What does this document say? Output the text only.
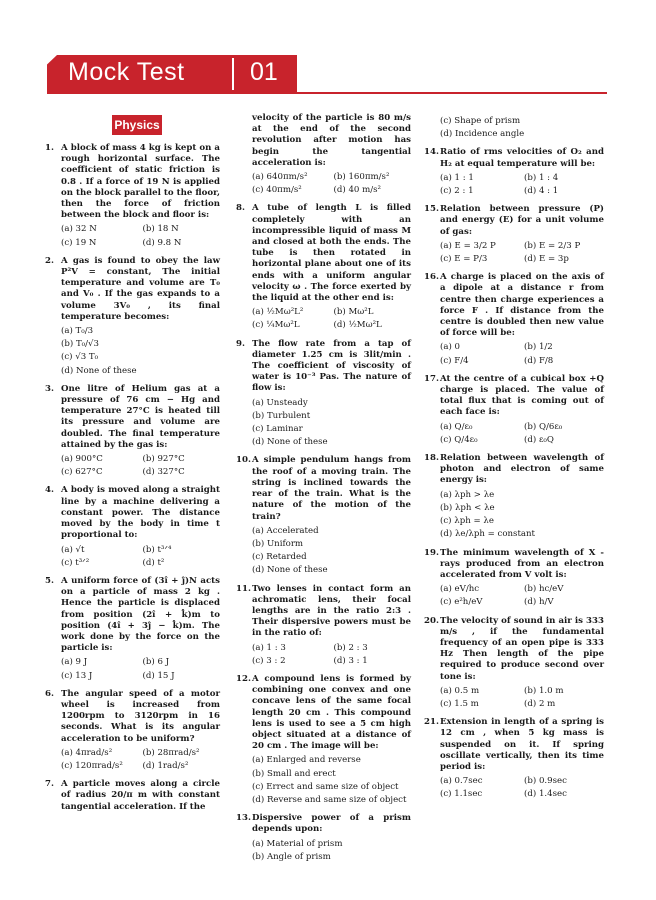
Mock Test	01
Physics
1. A block of mass 4 kg is kept on a rough horizontal surface. The coefficient of static friction is 0.8 . If a force of 19 N is applied on the block parallel to the floor, then the force of friction between the block and floor is:
(a) 32 N	(b) 18 N
(c) 19 N	(d) 9.8 N
2. A gas is found to obey the law P²V = constant, The initial temperature and volume are T₀ and V₀ . If the gas expands to a volume 3V₀ , its final temperature becomes:
(a) T₀/3
(b) T₀/√3
(c) √3 T₀
(d) None of these
3. One litre of Helium gas at a pressure of 76 cm − Hg and temperature 27°C is heated till its pressure and volume are doubled. The final temperature attained by the gas is:
(a) 900°C	(b) 927°C
(c) 627°C	(d) 327°C
4. A body is moved along a straight line by a machine delivering a constant power. The distance moved by the body in time t proportional to:
(a) √t	(b) t³ᐟ⁴
(c) t³ᐟ²	(d) t²
5. A uniform force of (3î + ĵ)N acts on a particle of mass 2 kg . Hence the particle is displaced from position (2î + k̂)m to position (4î + 3ĵ − k̂)m. The work done by the force on the particle is:
(a) 9 J	(b) 6 J
(c) 13 J	(d) 15 J
6. The angular speed of a motor wheel is increased from 1200rpm to 3120rpm in 16 seconds. What is its angular acceleration to be uniform?
(a) 4πrad/s²	(b) 28πrad/s²
(c) 120πrad/s²	(d) 1rad/s²
7. A particle moves along a circle of radius 20/π m with constant tangential acceleration. If the
velocity of the particle is 80 m/s at the end of the second revolution after motion has begin the tangential acceleration is:
(a) 640πm/s²	(b) 160πm/s²
(c) 40πm/s²	(d) 40 m/s²
8. A tube of length L is filled completely with an incompressible liquid of mass M and closed at both the ends. The tube is then rotated in horizontal plane about one of its ends with a uniform angular velocity ω . The force exerted by the liquid at the other end is:
(a) ½Mω²L²	(b) Mω²L
(c) ¼Mω²L	(d) ½Mω²L
9. The flow rate from a tap of diameter 1.25 cm is 3lit/min . The coefficient of viscosity of water is 10⁻³ Pas. The nature of flow is:
(a) Unsteady
(b) Turbulent
(c) Laminar
(d) None of these
10. A simple pendulum hangs from the roof of a moving train. The string is inclined towards the rear of the train. What is the nature of the motion of the train?
(a) Accelerated
(b) Uniform
(c) Retarded
(d) None of these
11. Two lenses in contact form an achromatic lens, their focal lengths are in the ratio 2:3 . Their dispersive powers must be in the ratio of:
(a) 1 : 3	(b) 2 : 3
(c) 3 : 2	(d) 3 : 1
12. A compound lens is formed by combining one convex and one concave lens of the same focal length 20 cm . This compound lens is used to see a 5 cm high object situated at a distance of 20 cm . The image will be:
(a) Enlarged and reverse
(b) Small and erect
(c) Errect and same size of object
(d) Reverse and same size of object
13. Dispersive power of a prism depends upon:
(a) Material of prism
(b) Angle of prism
(c) Shape of prism
(d) Incidence angle
14. Ratio of rms velocities of O₂ and H₂ at equal temperature will be:
(a) 1 : 1	(b) 1 : 4
(c) 2 : 1	(d) 4 : 1
15. Relation between pressure (P) and energy (E) for a unit volume of gas:
(a) E = 3/2 P	(b) E = 2/3 P
(c) E = P/3	(d) E = 3p
16. A charge is placed on the axis of a dipole at a distance r from centre then charge experiences a force F . If distance from the centre is doubled then new value of force will be:
(a) 0	(b) 1/2
(c) F/4	(d) F/8
17. At the centre of a cubical box +Q charge is placed. The value of total flux that is coming out of each face is:
(a) Q/ε₀	(b) Q/6ε₀
(c) Q/4ε₀	(d) ε₀Q
18. Relation between wavelength of photon and electron of same energy is:
(a) λph > λe
(b) λph < λe
(c) λph = λe
(d) λe/λph = constant
19. The minimum wavelength of X -rays produced from an electron accelerated from V volt is:
(a) eV/hc	(b) hc/eV
(c) e²h/eV	(d) h/V
20. The velocity of sound in air is 333 m/s , if the fundamental frequency of an open pipe is 333 Hz Then length of the pipe required to produce second over tone is:
(a) 0.5 m	(b) 1.0 m
(c) 1.5 m	(d) 2 m
21. Extension in length of a spring is 12 cm , when 5 kg mass is suspended on it. If spring oscillate vertically, then its time period is:
(a) 0.7sec	(b) 0.9sec
(c) 1.1sec	(d) 1.4sec
